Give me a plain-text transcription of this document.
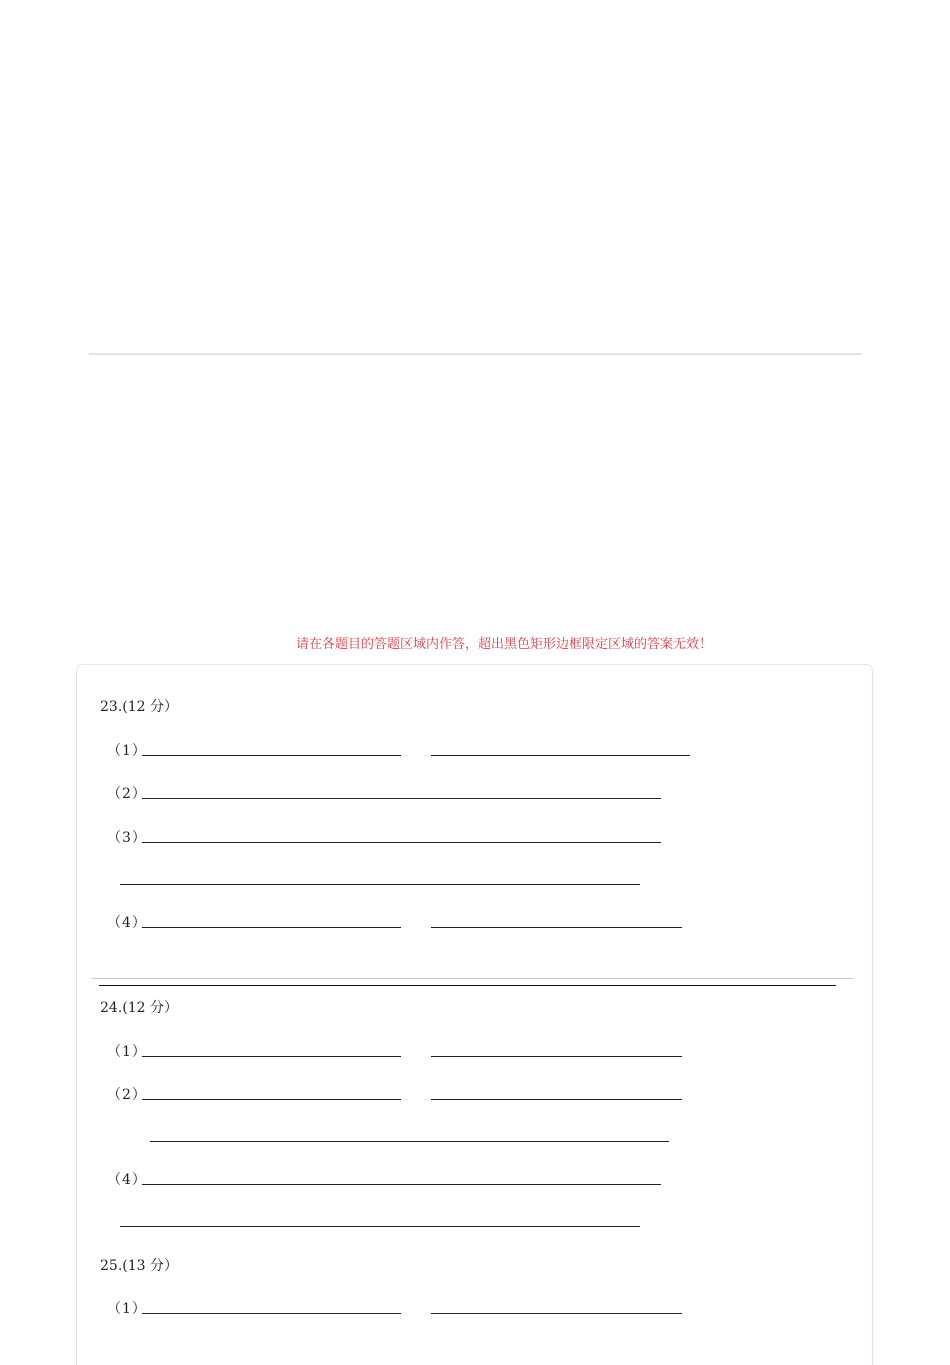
请在各题目的答题区域内作答，超出黑色矩形边框限定区域的答案无效！
23.(12 分）
（1）
（2）
（3）
（4）
24.(12 分）
（1）
（2）
（4）
25.(13 分）
（1）
